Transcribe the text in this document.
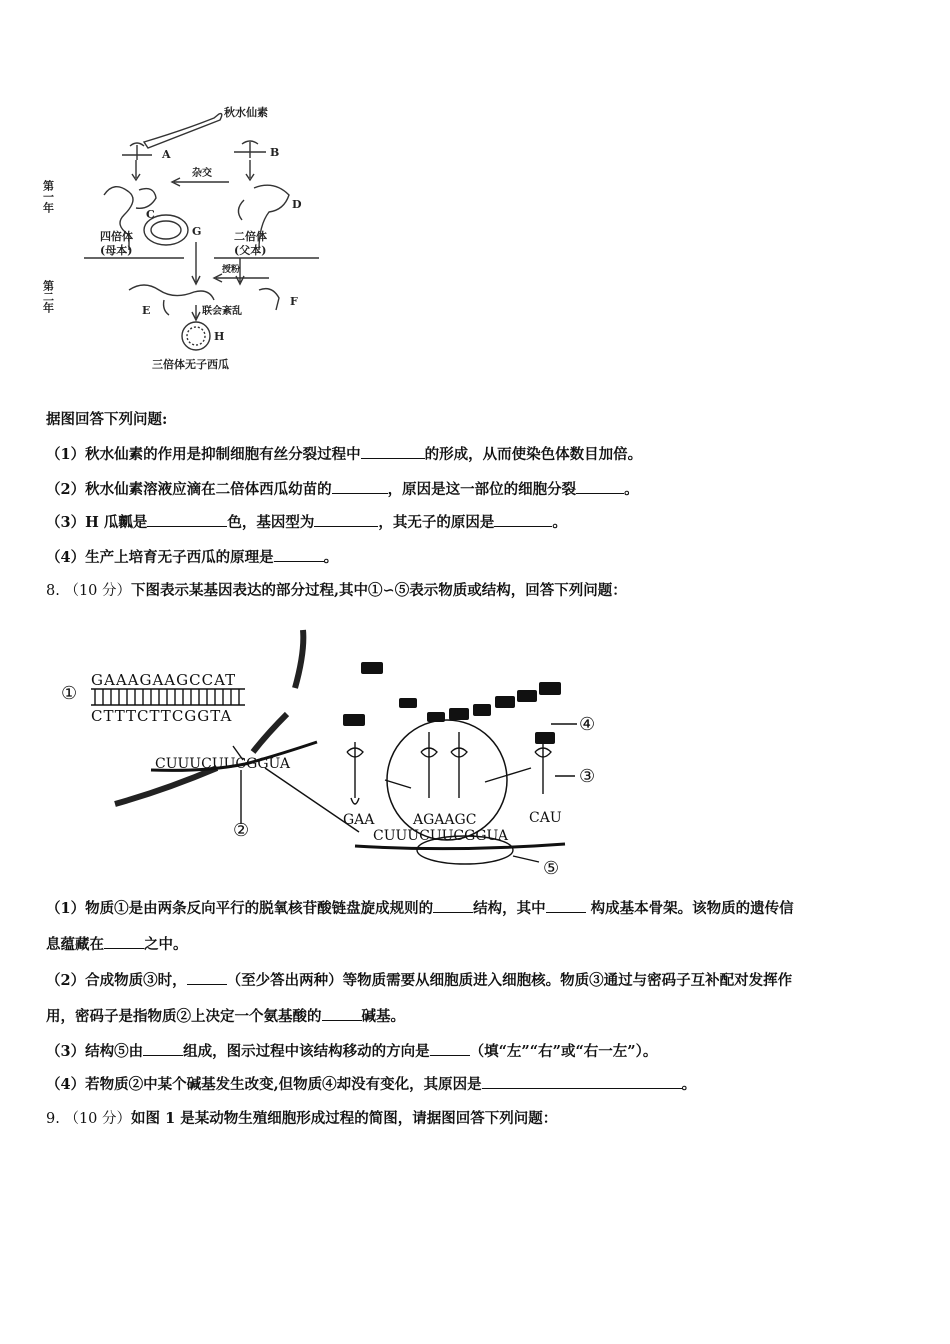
秋水仙素
A	B
杂交
C
D
G
四倍体
(母本)
二倍体
(父本)
授粉
E
F
联会紊乱
H
三倍体无子西瓜
第一年
第二年
据图回答下列问题:
（1）秋水仙素的作用是抑制细胞有丝分裂过程中	的形成，从而使染色体数目加倍。
（2）秋水仙素溶液应滴在二倍体西瓜幼苗的	，原因是这一部位的细胞分裂	。
（3）H 瓜瓤是	色，基因型为	，其无子的原因是	。
（4）生产上培育无子西瓜的原理是	。
8. （10 分）下图表示某基因表达的部分过程,其中①∽⑤表示物质或结构，回答下列问题：
①
GAAAGAAGCCAT
CTTTCTTCGGTA
CUUUCUUCGGUA
②	GAA	AGAAGC	CAU
CUUUCUUCGGUA
④
③
⑤
（1）物质①是由两条反向平行的脱氧核苷酸链盘旋成规则的	结构，其中	构成基本骨架。该物质的遗传信
息蕴藏在	之中。
（2）合成物质③时，	（至少答出两种）等物质需要从细胞质进入细胞核。物质③通过与密码子互补配对发挥作
用，密码子是指物质②上决定一个氨基酸的	碱基。
（3）结构⑤由	组成，图示过程中该结构移动的方向是	（填“左”“右”或“右一左”）。
（4）若物质②中某个碱基发生改变,但物质④却没有变化，其原因是	。
9. （10 分）如图 1 是某动物生殖细胞形成过程的简图，请据图回答下列问题：
